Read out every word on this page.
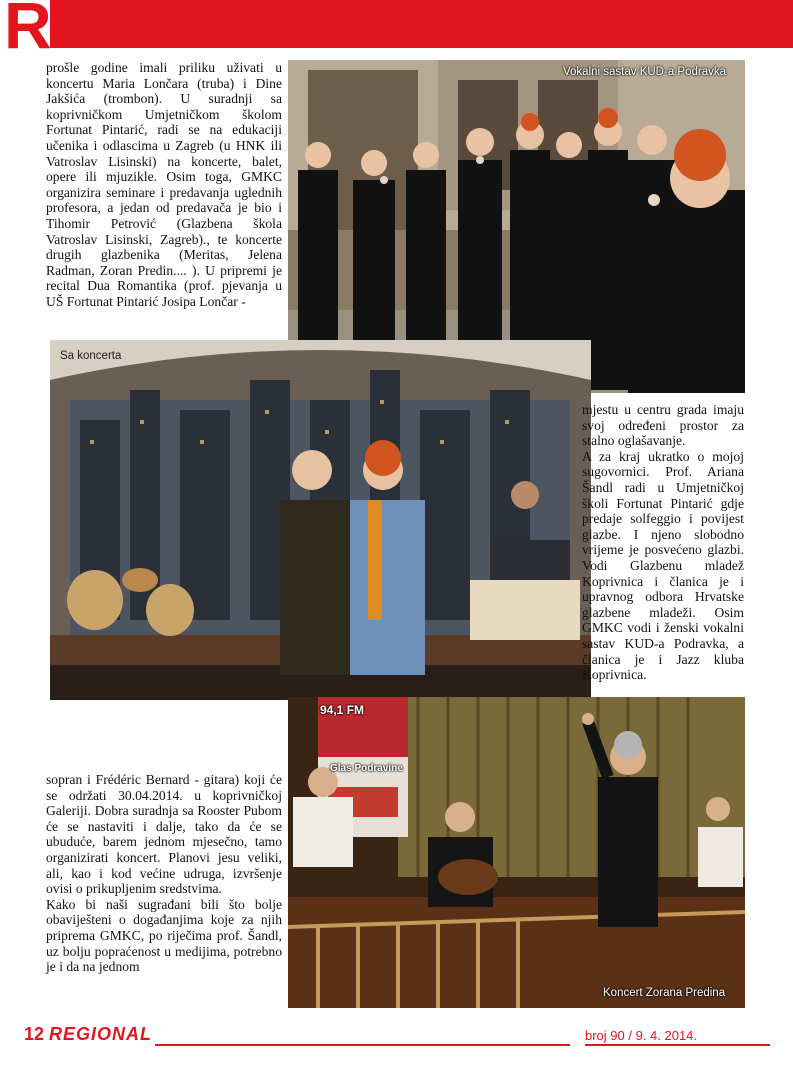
R

prošle godine imali priliku uživati u koncertu Maria Lončara (truba) i Dine Jakšića (trombon). U suradnji sa koprivničkom Umjetničkom školom Fortunat Pintarić, radi se na edukaciji učenika i odlascima u Zagreb (u HNK ili Vatroslav Lisinski) na koncerte, balet, opere ili mjuzikle. Osim toga, GMKC organizira seminare i predavanja uglednih profesora, a jedan od predavača je bio i Tihomir Petrović (Glazbena škola Vatroslav Lisinski, Zagreb)., te koncerte drugih glazbenika (Meritas, Jelena Radman, Zoran Predin.... ). U pripremi je recital Dua Romantika (prof. pjevanja u UŠ Fortunat Pintarić Josipa Lončar -

Vokalni sastav KUD-a Podravka
Sa koncerta

mjestu u centru grada imaju svoj određeni prostor za stalno oglašavanje.

A za kraj ukratko o mojoj sugovornici. Prof. Ariana Šandl radi u Umjetničkoj školi Fortunat Pintarić gdje predaje solfeggio i povijest glazbe. I njeno slobodno vrijeme je posvećeno glazbi. Vodi Glazbenu mladež Koprivnica i članica je i upravnog odbora Hrvatske glazbene mladeži. Osim GMKC vodi i ženski vokalni sastav KUD-a Podravka, a članica je i Jazz kluba Koprivnica.

94,1 FM
Glas Podravine
Koncert Zorana Predina

sopran i Frédéric Bernard - gitara) koji će se održati 30.04.2014. u koprivničkoj Galeriji. Dobra suradnja sa Rooster Pubom će se nastaviti i dalje, tako da će se ubuduće, barem jednom mjesečno, tamo organizirati koncert. Planovi jesu veliki, ali, kao i kod većine udruga, izvršenje ovisi o prikupljenim sredstvima.

Kako bi naši sugrađani bili što bolje obaviješteni o događanjima koje za njih priprema GMKC, po riječima prof. Šandl, uz bolju popraćenost u medijima, potrebno je i da na jednom

12 REGIONAL	broj 90 / 9. 4. 2014.
